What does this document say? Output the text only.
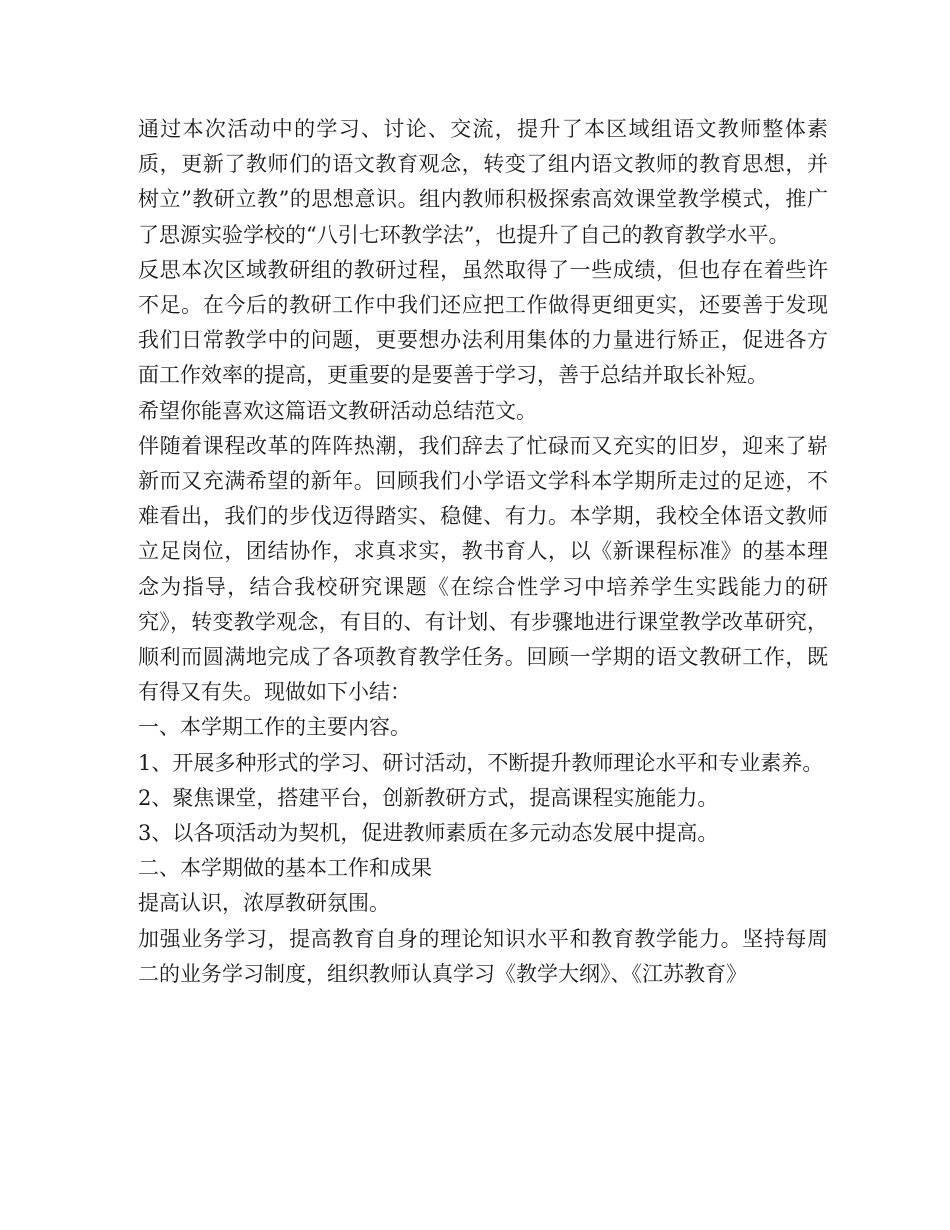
通过本次活动中的学习、讨论、交流，提升了本区域组语文教师整体素质，更新了教师们的语文教育观念，转变了组内语文教师的教育思想，并树立”教研立教”的思想意识。组内教师积极探索高效课堂教学模式，推广了思源实验学校的“八引七环教学法”，也提升了自己的教育教学水平。

反思本次区域教研组的教研过程，虽然取得了一些成绩，但也存在着些许不足。在今后的教研工作中我们还应把工作做得更细更实，还要善于发现我们日常教学中的问题，更要想办法利用集体的力量进行矫正，促进各方面工作效率的提高，更重要的是要善于学习，善于总结并取长补短。

希望你能喜欢这篇语文教研活动总结范文。

伴随着课程改革的阵阵热潮，我们辞去了忙碌而又充实的旧岁，迎来了崭新而又充满希望的新年。回顾我们小学语文学科本学期所走过的足迹，不难看出，我们的步伐迈得踏实、稳健、有力。本学期，我校全体语文教师立足岗位，团结协作，求真求实，教书育人，以《新课程标准》的基本理念为指导，结合我校研究课题《在综合性学习中培养学生实践能力的研究》，转变教学观念，有目的、有计划、有步骤地进行课堂教学改革研究，顺利而圆满地完成了各项教育教学任务。回顾一学期的语文教研工作，既有得又有失。现做如下小结：

一、本学期工作的主要内容。

1、开展多种形式的学习、研讨活动，不断提升教师理论水平和专业素养。

2、聚焦课堂，搭建平台，创新教研方式，提高课程实施能力。

3、以各项活动为契机，促进教师素质在多元动态发展中提高。

二、本学期做的基本工作和成果

提高认识，浓厚教研氛围。

加强业务学习，提高教育自身的理论知识水平和教育教学能力。坚持每周二的业务学习制度，组织教师认真学习《教学大纲》、《江苏教育》
